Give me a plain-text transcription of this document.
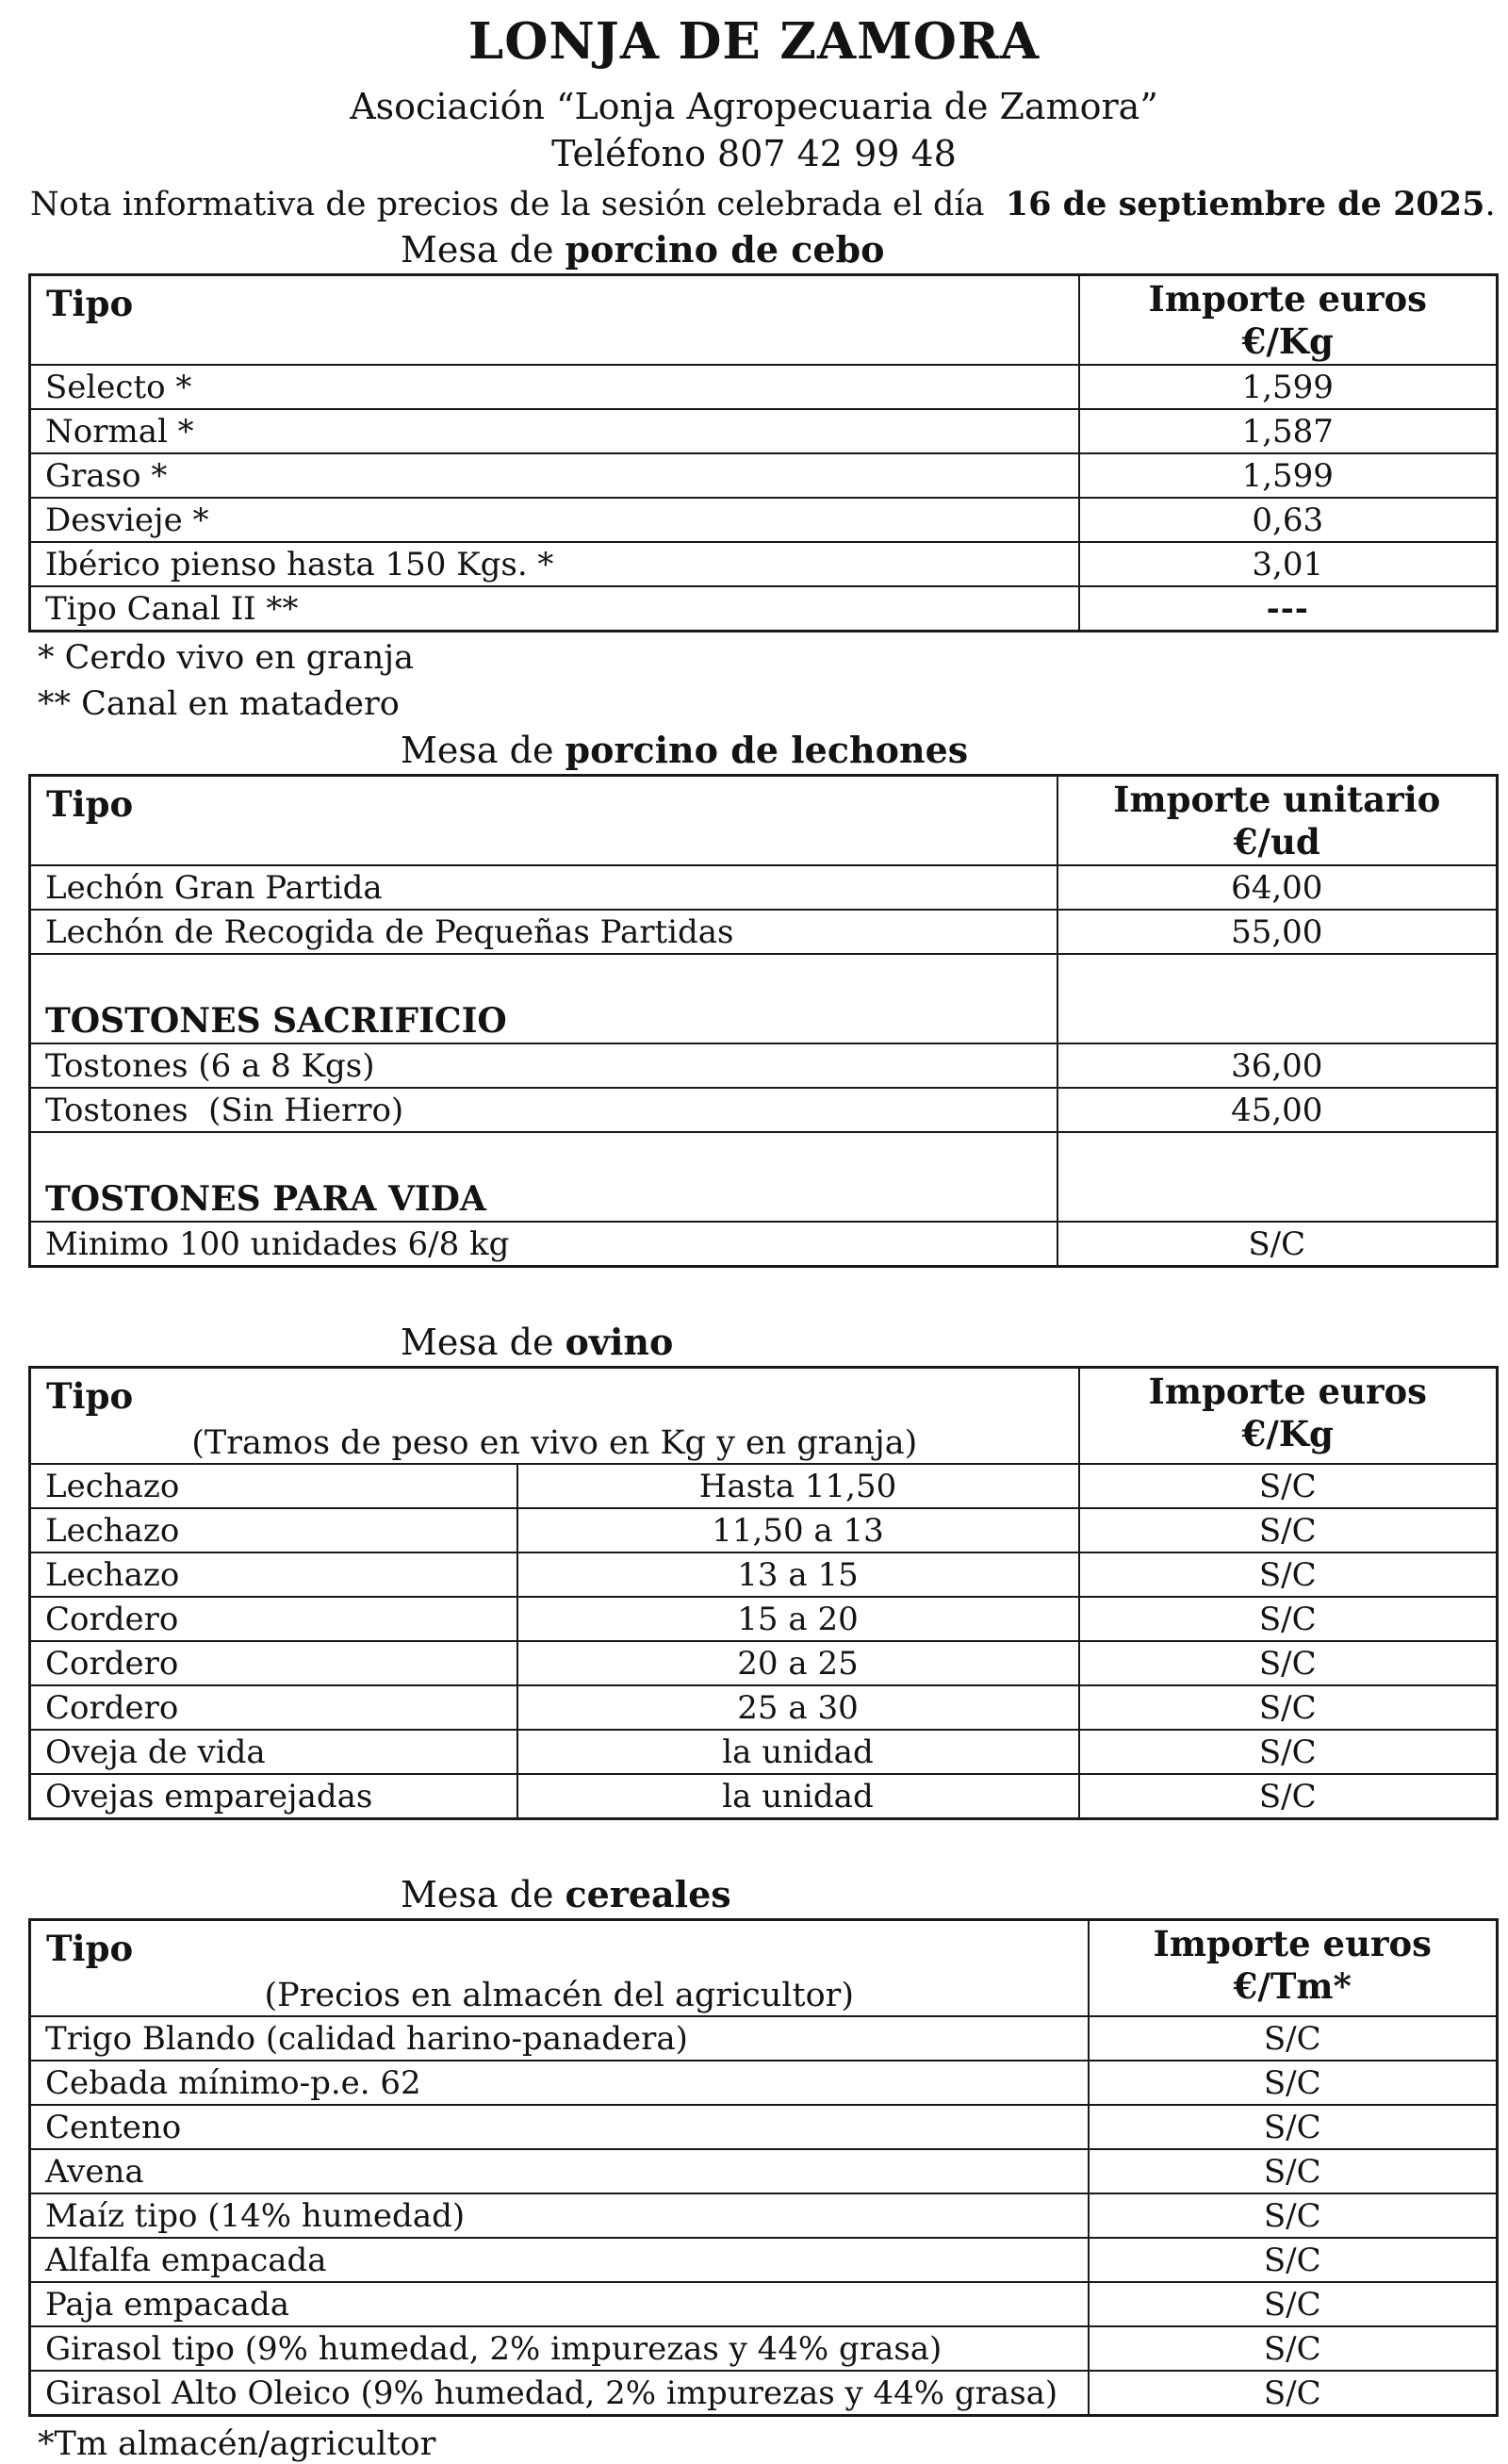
LONJA DE ZAMORA
Asociación “Lonja Agropecuaria de Zamora”
Teléfono 807 42 99 48
Nota informativa de precios de la sesión celebrada el día  16 de septiembre de 2025.
Mesa de porcino de cebo
Tipo	Importe euros
€/Kg

Selecto *	1,599
Normal *	1,587
Graso *	1,599
Desvieje *	0,63
Ibérico pienso hasta 150 Kgs. *	3,01
Tipo Canal II **	---
* Cerdo vivo en granja
** Canal en matadero
Mesa de porcino de lechones
Tipo	Importe unitario
€/ud

Lechón Gran Partida	64,00
Lechón de Recogida de Pequeñas Partidas	55,00
TOSTONES SACRIFICIO	
Tostones (6 a 8 Kgs)	36,00
Tostones  (Sin Hierro)	45,00
TOSTONES PARA VIDA	
Minimo 100 unidades 6/8 kg	S/C
Mesa de ovino
Tipo
(Tramos de peso en vivo en Kg y en granja)

Importe euros
€/Kg

Lechazo	Hasta 11,50	S/C
Lechazo	11,50 a 13	S/C
Lechazo	13 a 15	S/C
Cordero	15 a 20	S/C
Cordero	20 a 25	S/C
Cordero	25 a 30	S/C
Oveja de vida	la unidad	S/C
Ovejas emparejadas	la unidad	S/C
Mesa de cereales
Tipo
(Precios en almacén del agricultor)

Importe euros
€/Tm*

Trigo Blando (calidad harino-panadera)	S/C
Cebada mínimo-p.e. 62	S/C
Centeno	S/C
Avena	S/C
Maíz tipo (14% humedad)	S/C
Alfalfa empacada	S/C
Paja empacada	S/C
Girasol tipo (9% humedad, 2% impurezas y 44% grasa)	S/C
Girasol Alto Oleico (9% humedad, 2% impurezas y 44% grasa)	S/C
*Tm almacén/agricultor
